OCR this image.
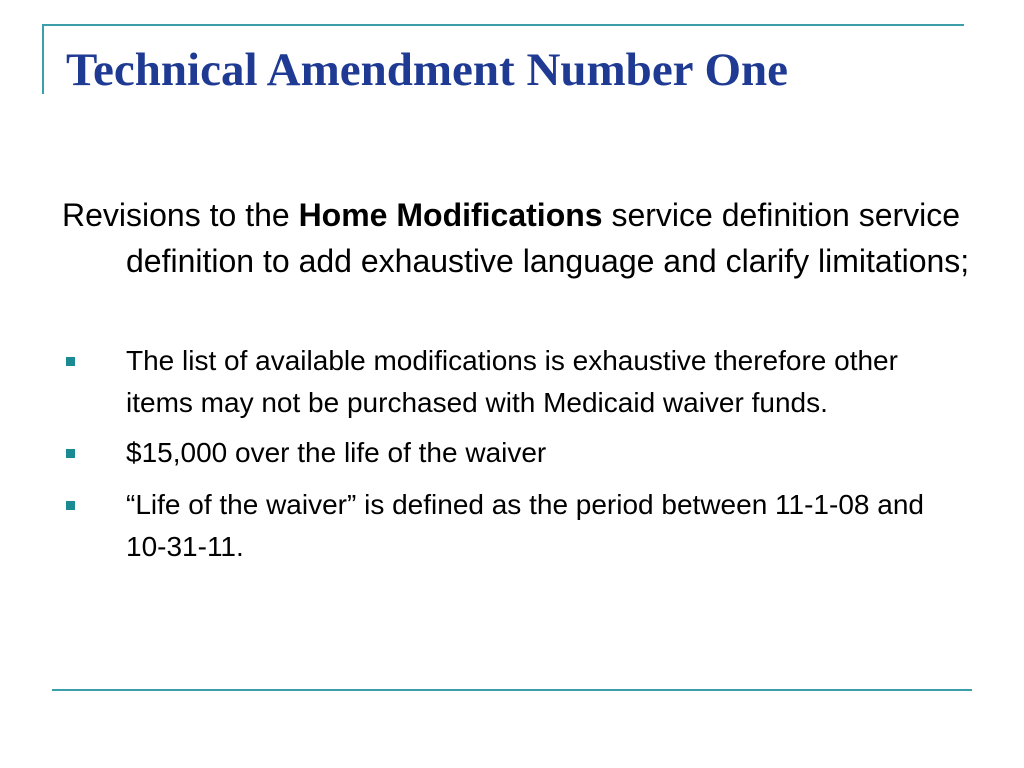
Technical Amendment Number One

Revisions to the Home Modifications service definition service definition to add exhaustive language and clarify limitations;

The list of available modifications is exhaustive therefore other items may not be purchased with Medicaid waiver funds.
$15,000 over the life of the waiver
“Life of the waiver” is defined as the period between 11-1-08 and 10-31-11.
